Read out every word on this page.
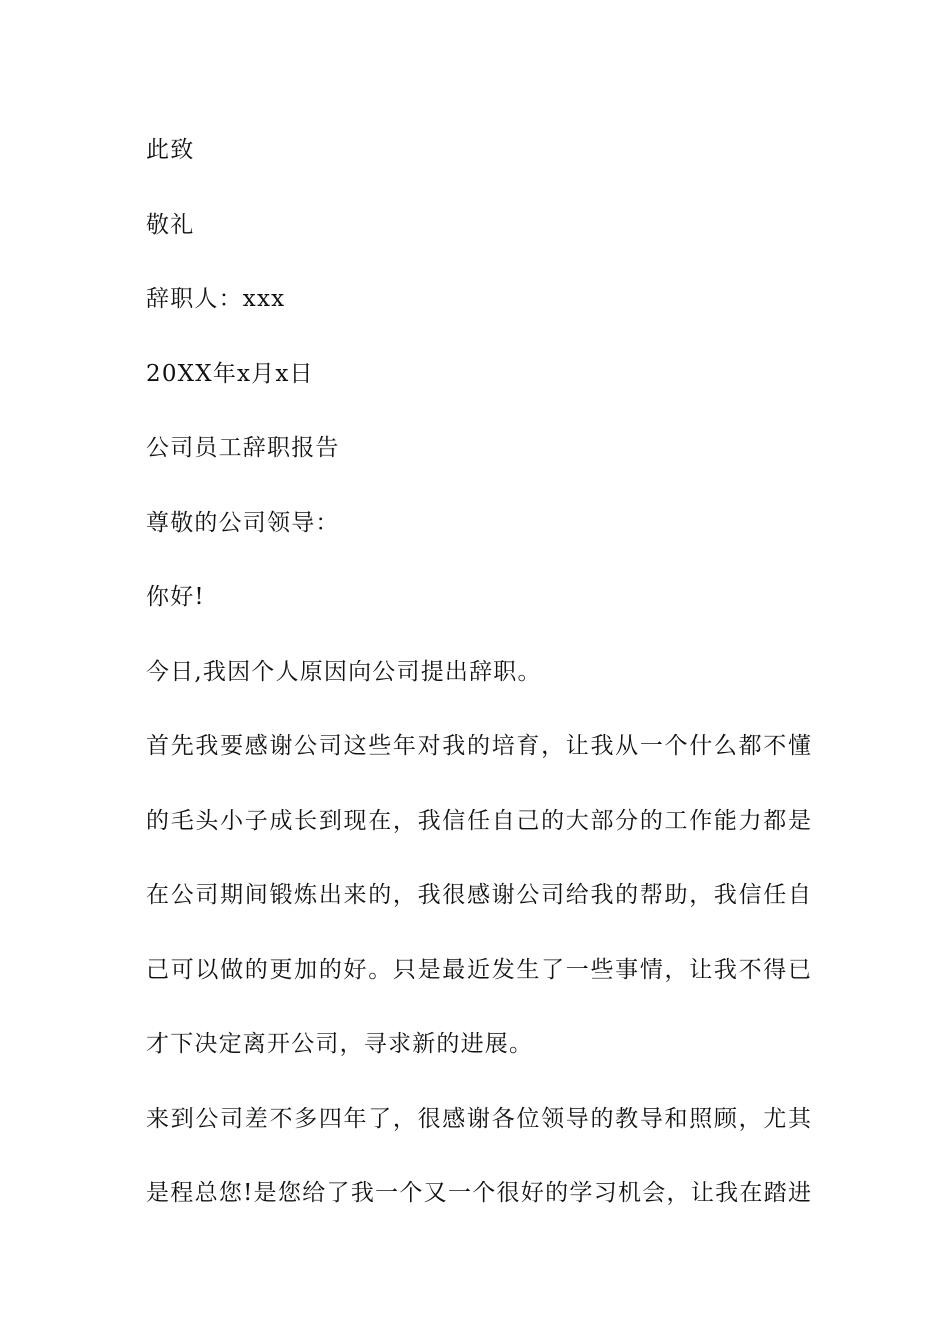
此致
敬礼
辞职人：xxx
20XX年x月x日
公司员工辞职报告
尊敬的公司领导：
你好!
今日,我因个人原因向公司提出辞职。
首先我要感谢公司这些年对我的培育，让我从一个什么都不懂
的毛头小子成长到现在，我信任自己的大部分的工作能力都是
在公司期间锻炼出来的，我很感谢公司给我的帮助，我信任自
己可以做的更加的好。只是最近发生了一些事情，让我不得已
才下决定离开公司，寻求新的进展。
来到公司差不多四年了，很感谢各位领导的教导和照顾，尤其
是程总您!是您给了我一个又一个很好的学习机会，让我在踏进
